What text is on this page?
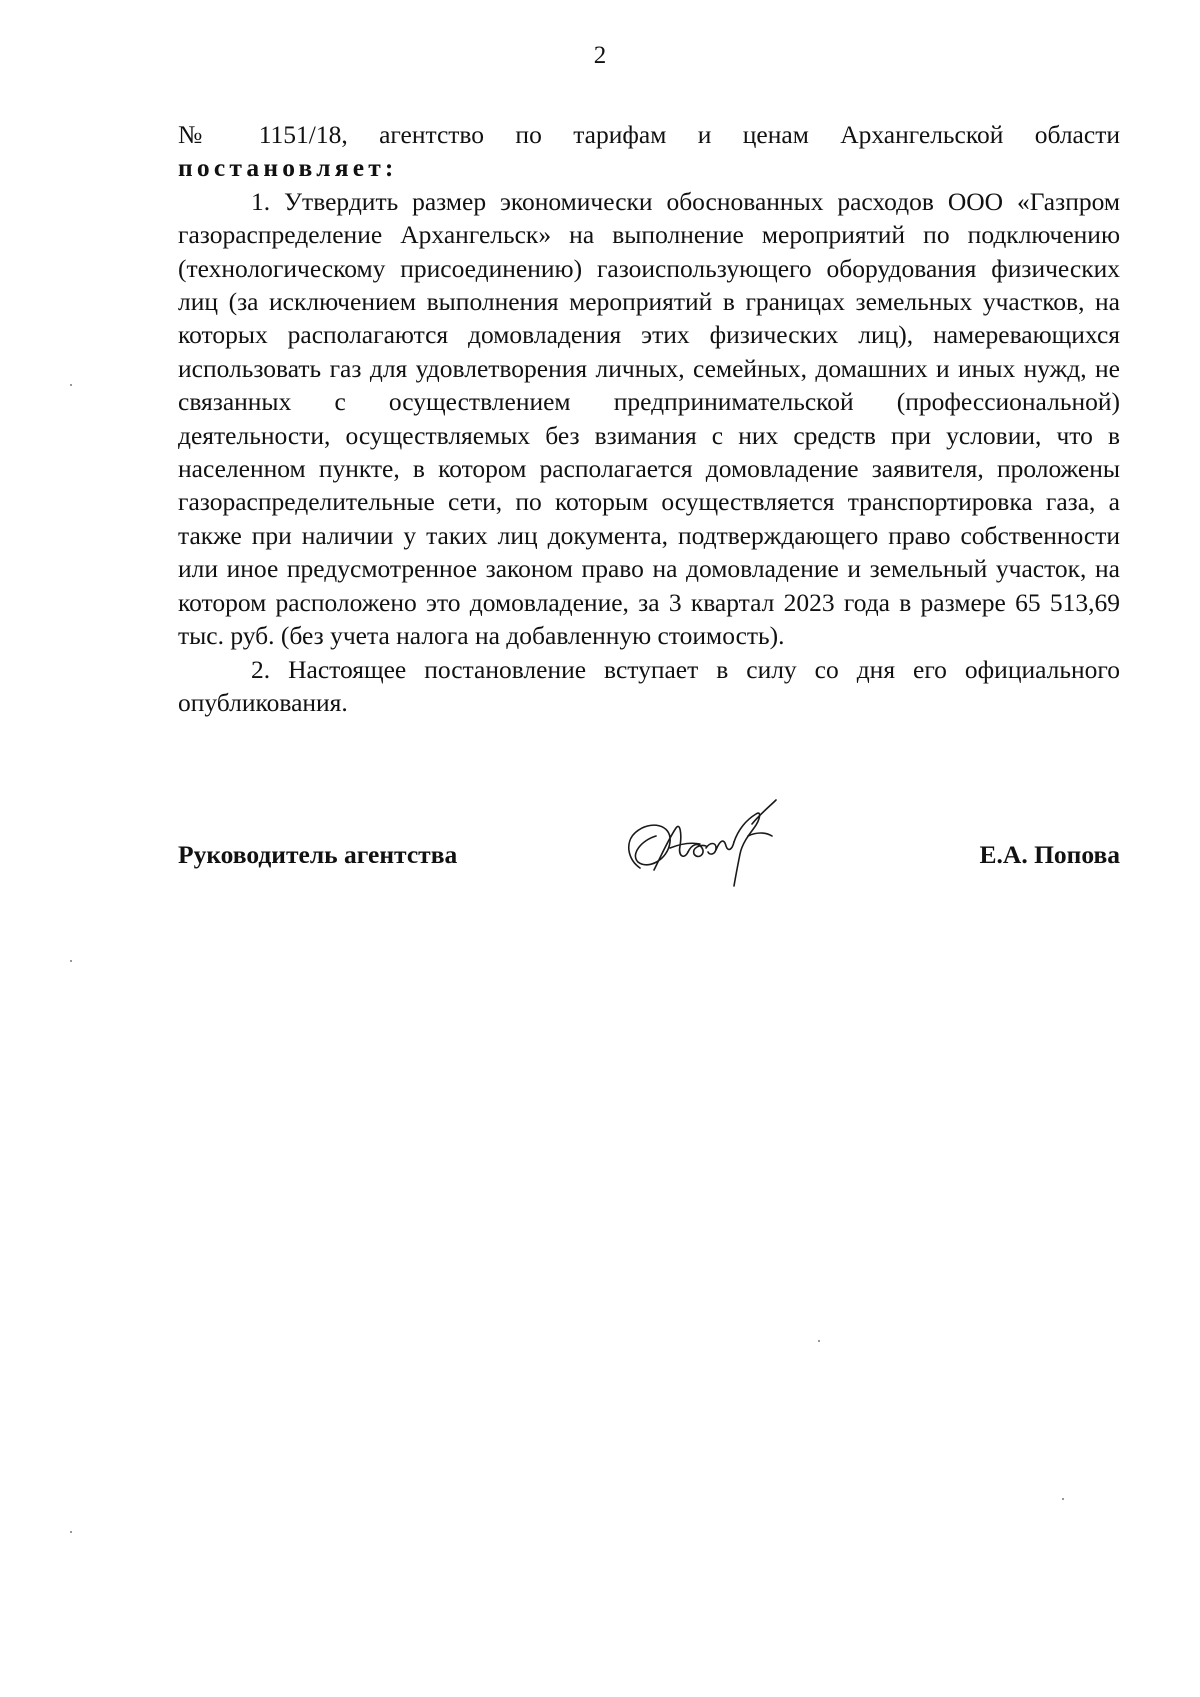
2

№ 1151/18, агентство по тарифам и ценам Архангельской области постановляет:

1. Утвердить размер экономически обоснованных расходов ООО «Газпром газораспределение Архангельск» на выполнение мероприятий по подключению (технологическому присоединению) газоиспользующего оборудования физических лиц (за исключением выполнения мероприятий в границах земельных участков, на которых располагаются домовладения этих физических лиц), намеревающихся использовать газ для удовлетворения личных, семейных, домашних и иных нужд, не связанных с осуществлением предпринимательской (профессиональной) деятельности, осуществляемых без взимания с них средств при условии, что в населенном пункте, в котором располагается домовладение заявителя, проложены газораспределительные сети, по которым осуществляется транспортировка газа, а также при наличии у таких лиц документа, подтверждающего право собственности или иное предусмотренное законом право на домовладение и земельный участок, на котором расположено это домовладение, за 3 квартал 2023 года в размере 65 513,69 тыс. руб. (без учета налога на добавленную стоимость).

2. Настоящее постановление вступает в силу со дня его официального опубликования.

Руководитель агентства	Е.А. Попова
